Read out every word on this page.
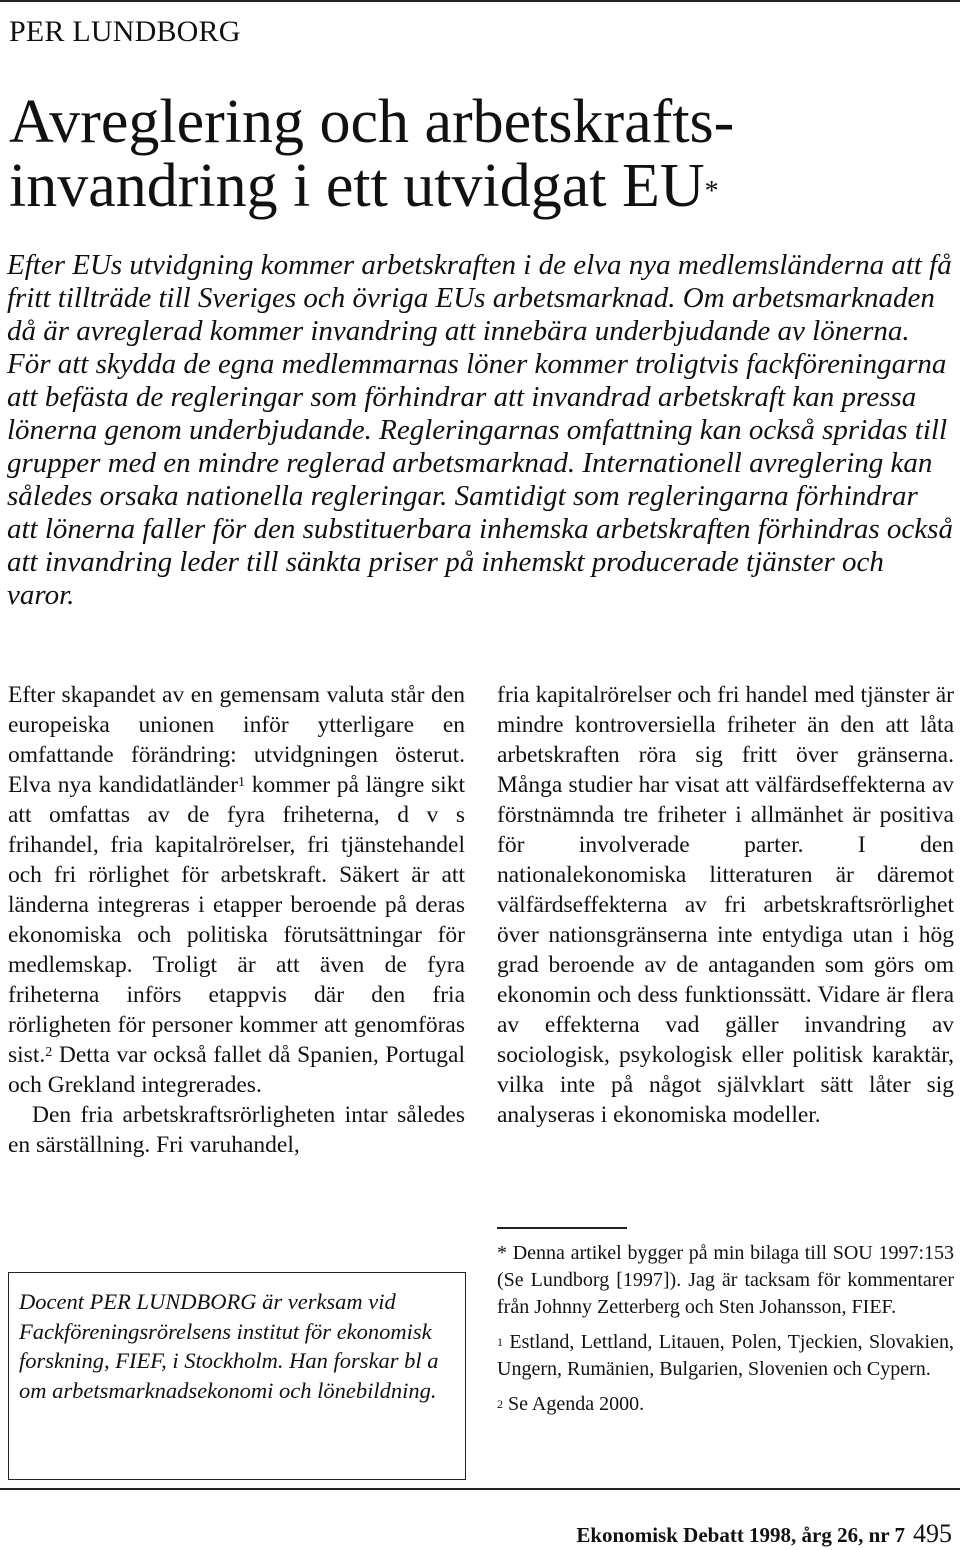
PER LUNDBORG
Avreglering och arbetskrafts-
invandring i ett utvidgat EU*

Efter EUs utvidgning kommer arbetskraften i de elva nya medlemsländerna att få fritt tillträde till Sveriges och övriga EUs arbetsmarknad. Om arbetsmarknaden då är avreglerad kommer invandring att innebära underbjudande av lönerna. För att skydda de egna medlemmarnas löner kommer troligtvis fackföreningarna att befästa de regleringar som förhindrar att invandrad arbetskraft kan pressa lönerna genom underbjudande. Regleringarnas omfattning kan också spridas till grupper med en mindre reglerad arbetsmarknad. Internationell avreglering kan således orsaka nationella regleringar. Samtidigt som regleringarna förhindrar att lönerna faller för den substituerbara inhemska arbetskraften förhindras också att invandring leder till sänkta priser på inhemskt producerade tjänster och varor.

Efter skapandet av en gemensam valuta står den europeiska unionen inför ytterligare en omfattande förändring: utvidgningen österut. Elva nya kandidatländer$^1$ kommer på längre sikt att omfattas av de fyra friheterna, d v s frihandel, fria kapitalrörelser, fri tjänstehandel och fri rörlighet för arbetskraft. Säkert är att länderna integreras i etapper beroende på deras ekonomiska och politiska förutsättningar för medlemskap. Troligt är att även de fyra friheterna införs etappvis där den fria rörligheten för personer kommer att genomföras sist.$^2$ Detta var också fallet då Spanien, Portugal och Grekland integrerades.

Den fria arbetskraftsrörligheten intar således en särställning. Fri varuhandel,

fria kapitalrörelser och fri handel med tjänster är mindre kontroversiella friheter än den att låta arbetskraften röra sig fritt över gränserna. Många studier har visat att välfärdseffekterna av förstnämnda tre friheter i allmänhet är positiva för involverade parter. I den nationalekonomiska litteraturen är däremot välfärdseffekterna av fri arbetskraftsrörlighet över nationsgränserna inte entydiga utan i hög grad beroende av de antaganden som görs om ekonomin och dess funktionssätt. Vidare är flera av effekterna vad gäller invandring av sociologisk, psykologisk eller politisk karaktär, vilka inte på något självklart sätt låter sig analyseras i ekonomiska modeller.

Docent PER LUNDBORG är verksam vid Fackföreningsrörelsens institut för ekonomisk forskning, FIEF, i Stockholm. Han forskar bl a om arbetsmarknadsekonomi och lönebildning.

* Denna artikel bygger på min bilaga till SOU 1997:153 (Se Lundborg [1997]). Jag är tacksam för kommentarer från Johnny Zetterberg och Sten Johansson, FIEF.

$^1$ Estland, Lettland, Litauen, Polen, Tjeckien, Slovakien, Ungern, Rumänien, Bulgarien, Slovenien och Cypern.

$^2$ Se Agenda 2000.

Ekonomisk Debatt 1998, årg 26, nr 7 495
